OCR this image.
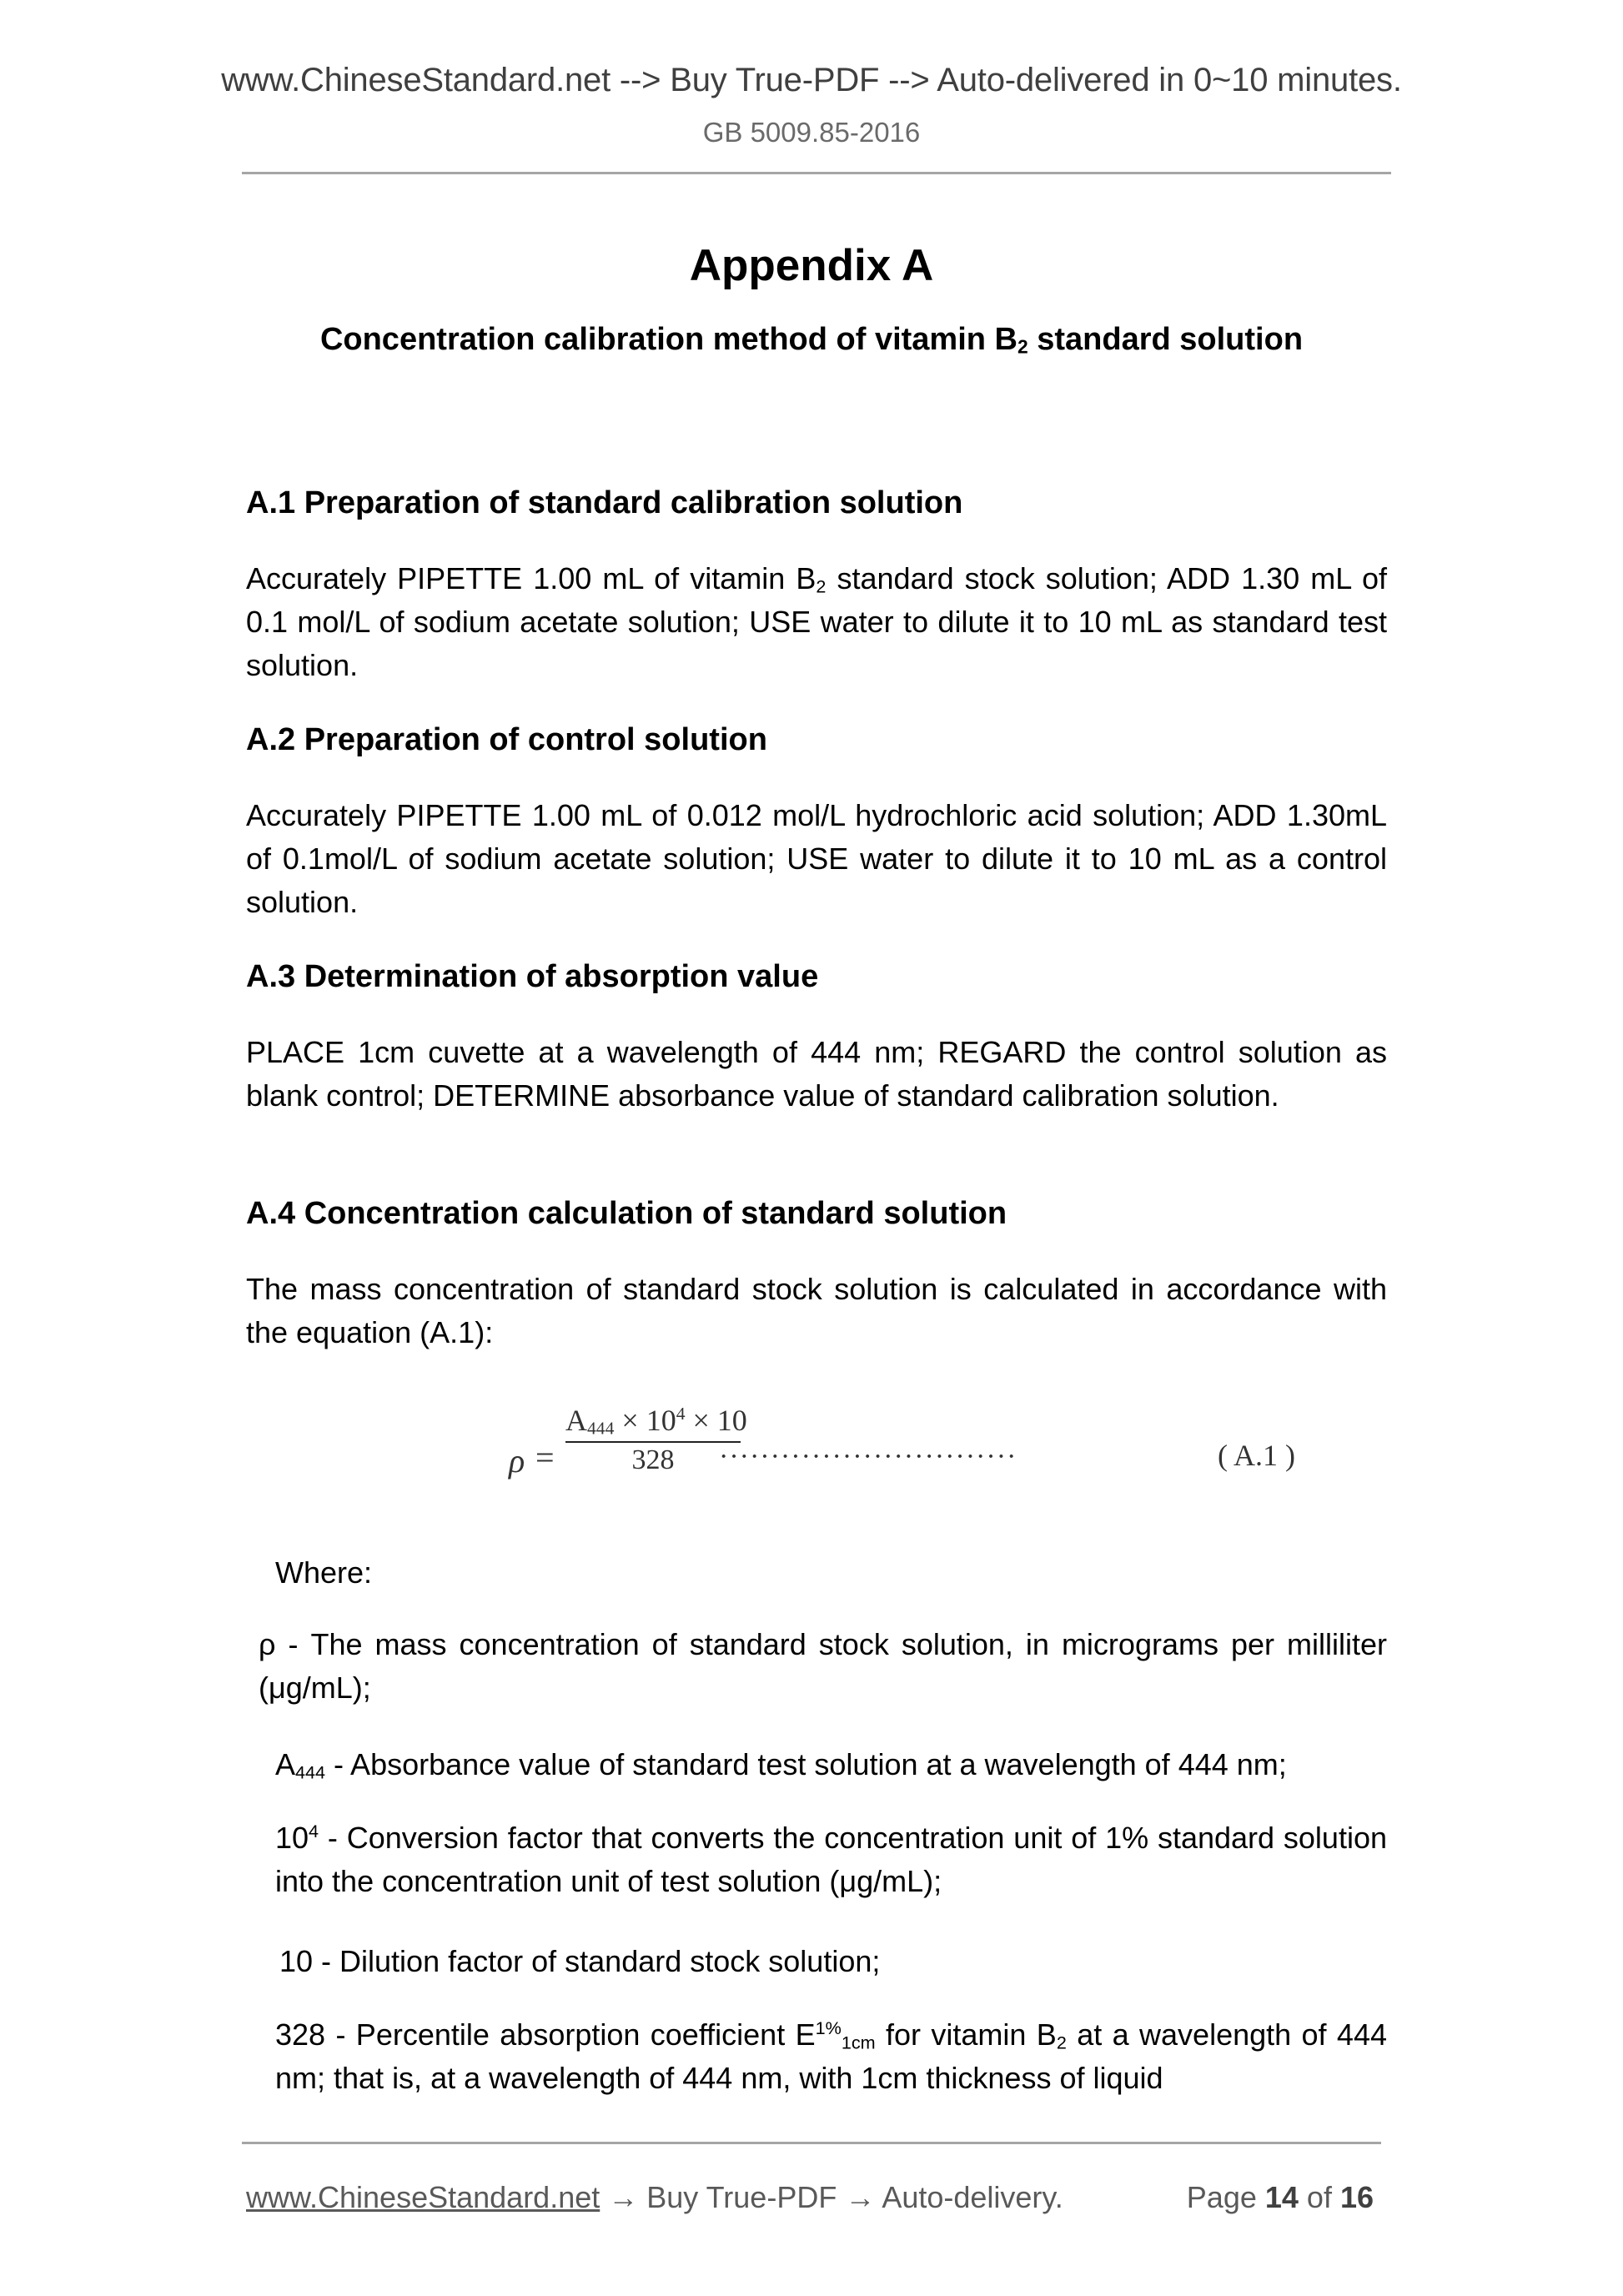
www.ChineseStandard.net --> Buy True-PDF --> Auto-delivered in 0~10 minutes.
GB 5009.85-2016
Appendix A
Concentration calibration method of vitamin $B_2$ standard solution
A.1 Preparation of standard calibration solution
Accurately PIPETTE 1.00 mL of vitamin $B_2$ standard stock solution; ADD 1.30 mL of 0.1 mol/L of sodium acetate solution; USE water to dilute it to 10 mL as standard test solution.
A.2 Preparation of control solution
Accurately PIPETTE 1.00 mL of 0.012 mol/L hydrochloric acid solution; ADD 1.30mL of 0.1mol/L of sodium acetate solution; USE water to dilute it to 10 mL as a control solution.
A.3 Determination of absorption value
PLACE 1cm cuvette at a wavelength of 444 nm; REGARD the control solution as blank control; DETERMINE absorbance value of standard calibration solution.
A.4 Concentration calculation of standard solution
The mass concentration of standard stock solution is calculated in accordance with the equation (A.1):
ρ =
$A_{444} \times 10^4 \times 10$
328	·····························	( A.1 )
Where:
ρ - The mass concentration of standard stock solution, in micrograms per milliliter (μg/mL);
$A_{444}$ - Absorbance value of standard test solution at a wavelength of 444 nm;
$10^4$ - Conversion factor that converts the concentration unit of 1% standard solution into the concentration unit of test solution (μg/mL);
10 - Dilution factor of standard stock solution;
328 - Percentile absorption coefficient $E^{1\%}_{1cm}$ for vitamin $B_2$ at a wavelength of 444 nm; that is, at a wavelength of 444 nm, with 1cm thickness of liquid
www.ChineseStandard.net → Buy True-PDF → Auto-delivery.	Page 14 of 16
